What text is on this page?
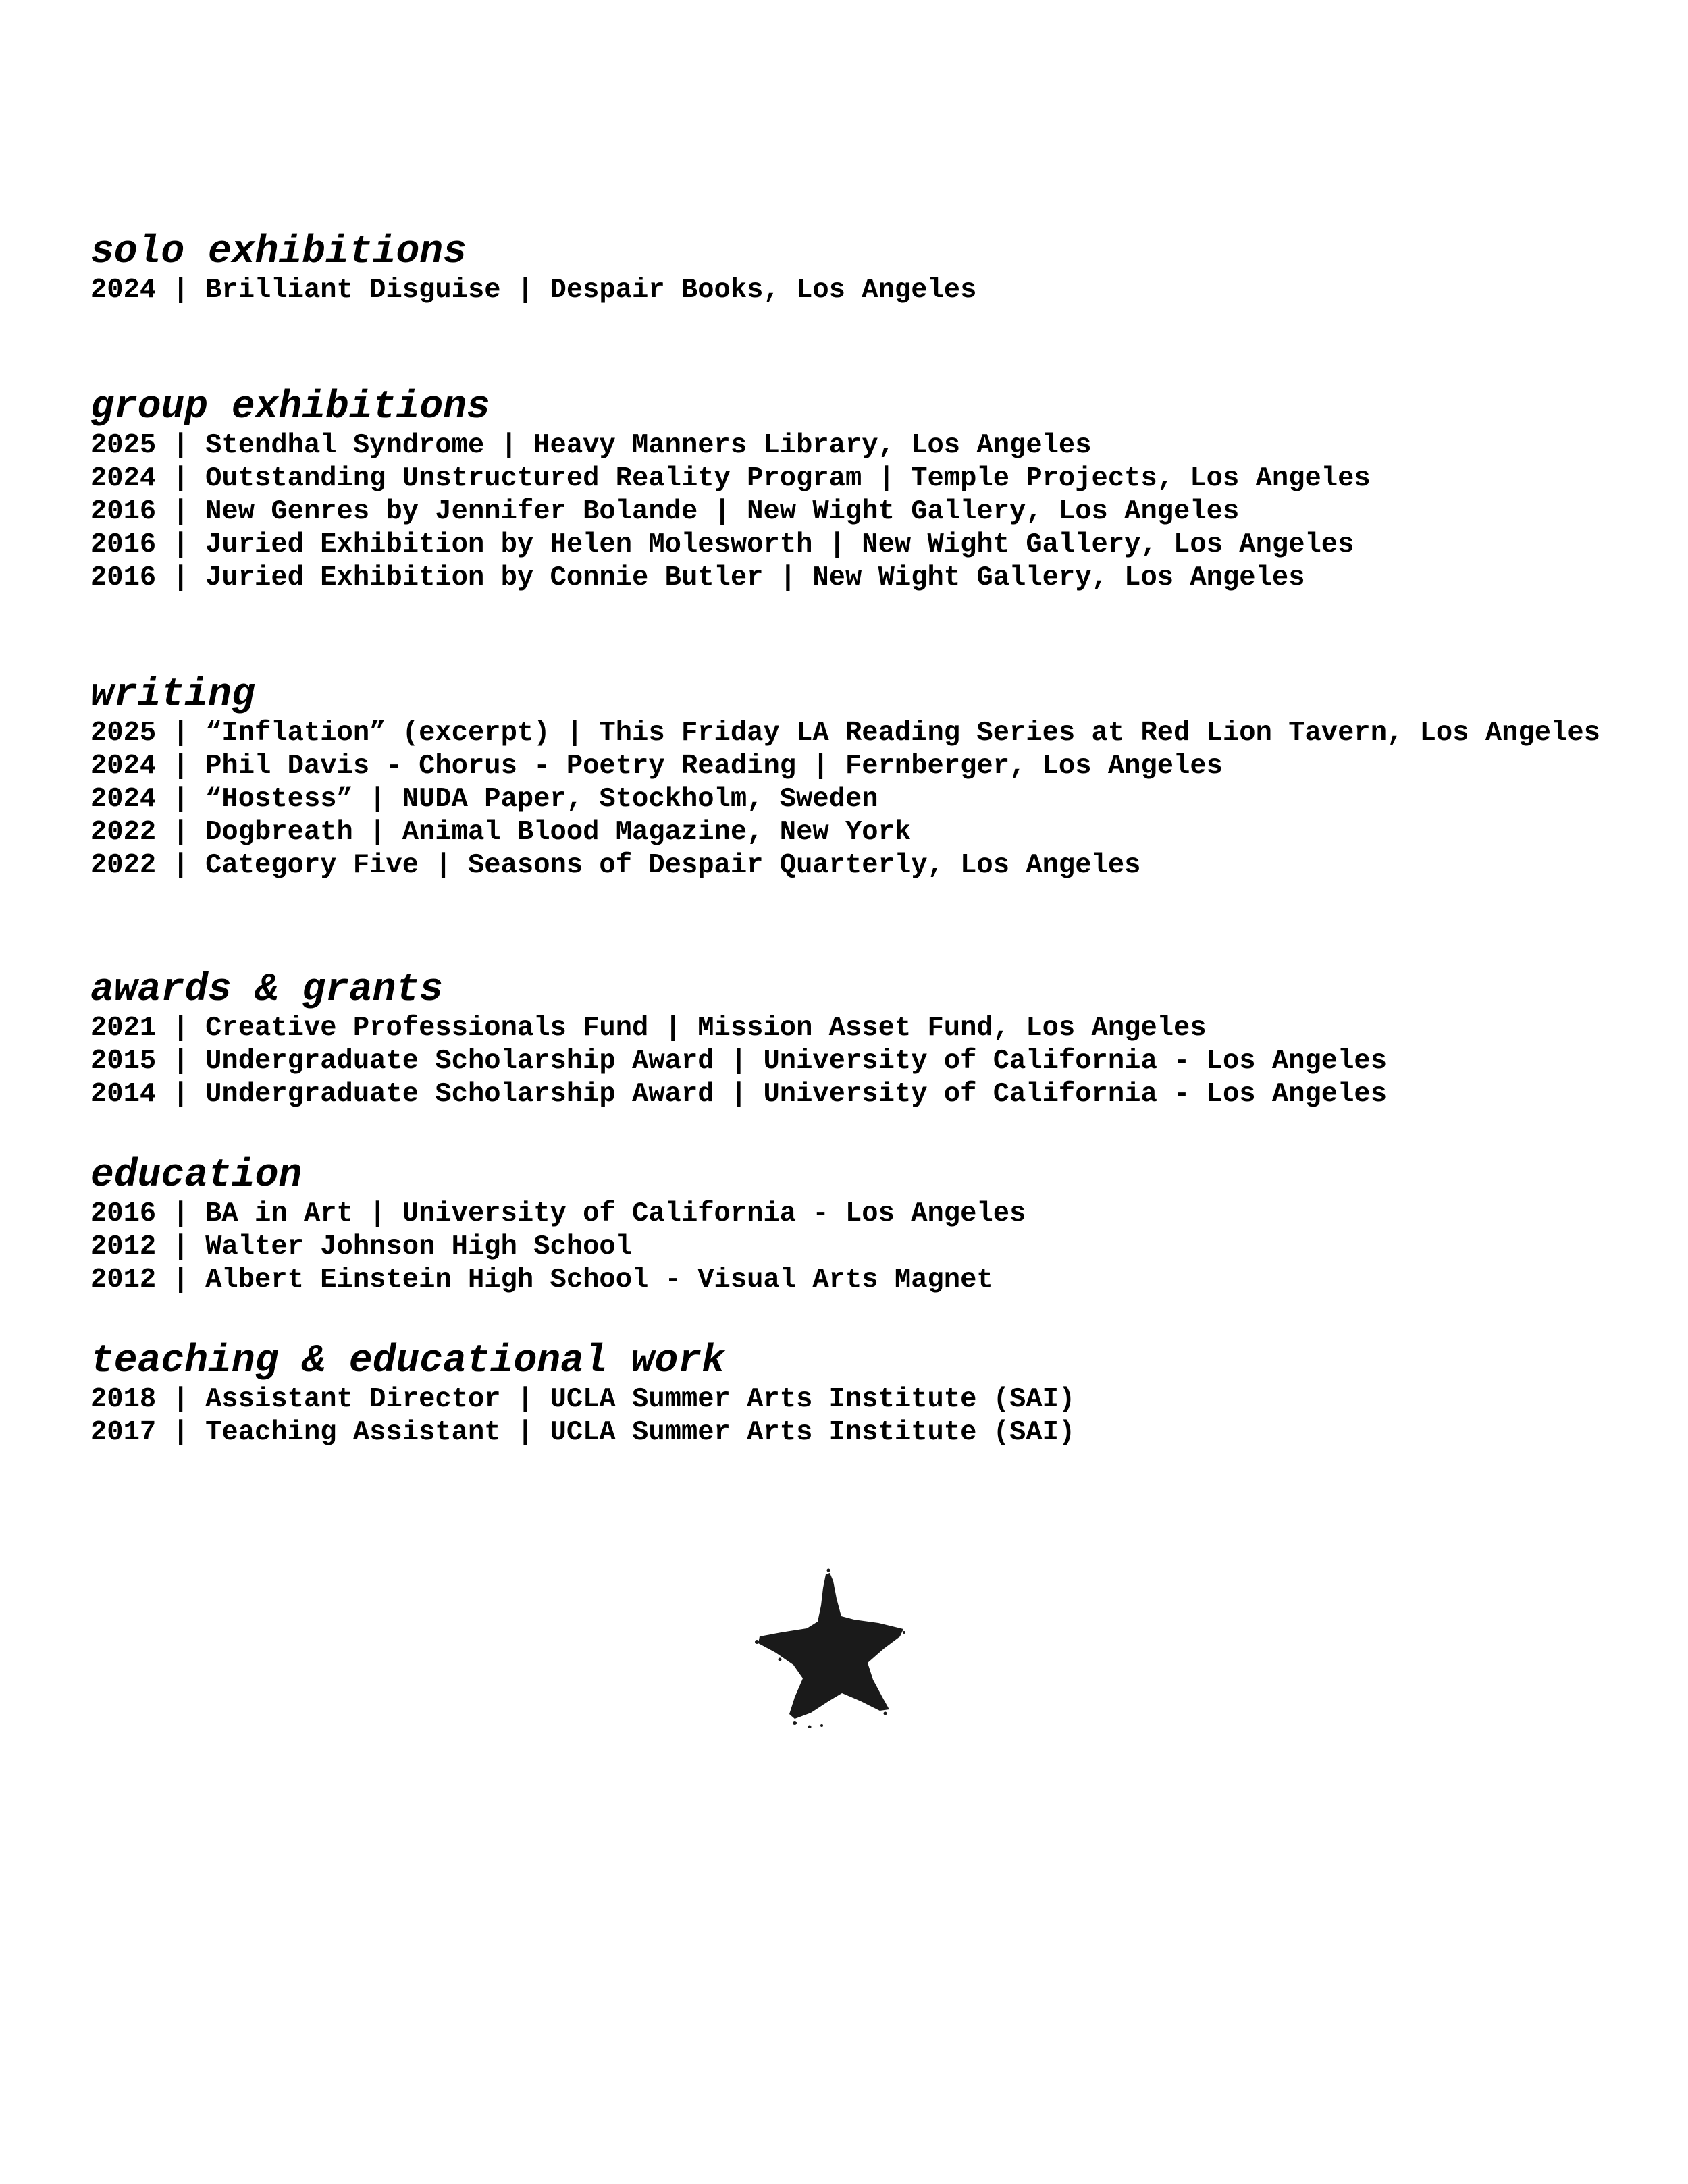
solo exhibitions
2024 | Brilliant Disguise | Despair Books, Los Angeles
group exhibitions
2025 | Stendhal Syndrome | Heavy Manners Library, Los Angeles
2024 | Outstanding Unstructured Reality Program | Temple Projects, Los Angeles
2016 | New Genres by Jennifer Bolande | New Wight Gallery, Los Angeles
2016 | Juried Exhibition by Helen Molesworth | New Wight Gallery, Los Angeles
2016 | Juried Exhibition by Connie Butler | New Wight Gallery, Los Angeles
writing
2025 | “Inflation” (excerpt) | This Friday LA Reading Series at Red Lion Tavern, Los Angeles
2024 | Phil Davis - Chorus - Poetry Reading | Fernberger, Los Angeles
2024 | “Hostess” | NUDA Paper, Stockholm, Sweden
2022 | Dogbreath | Animal Blood Magazine, New York
2022 | Category Five | Seasons of Despair Quarterly, Los Angeles
awards & grants
2021 | Creative Professionals Fund | Mission Asset Fund, Los Angeles
2015 | Undergraduate Scholarship Award | University of California - Los Angeles
2014 | Undergraduate Scholarship Award | University of California - Los Angeles
education
2016 | BA in Art | University of California - Los Angeles
2012 | Walter Johnson High School
2012 | Albert Einstein High School - Visual Arts Magnet
teaching & educational work
2018 | Assistant Director | UCLA Summer Arts Institute (SAI)
2017 | Teaching Assistant | UCLA Summer Arts Institute (SAI)
